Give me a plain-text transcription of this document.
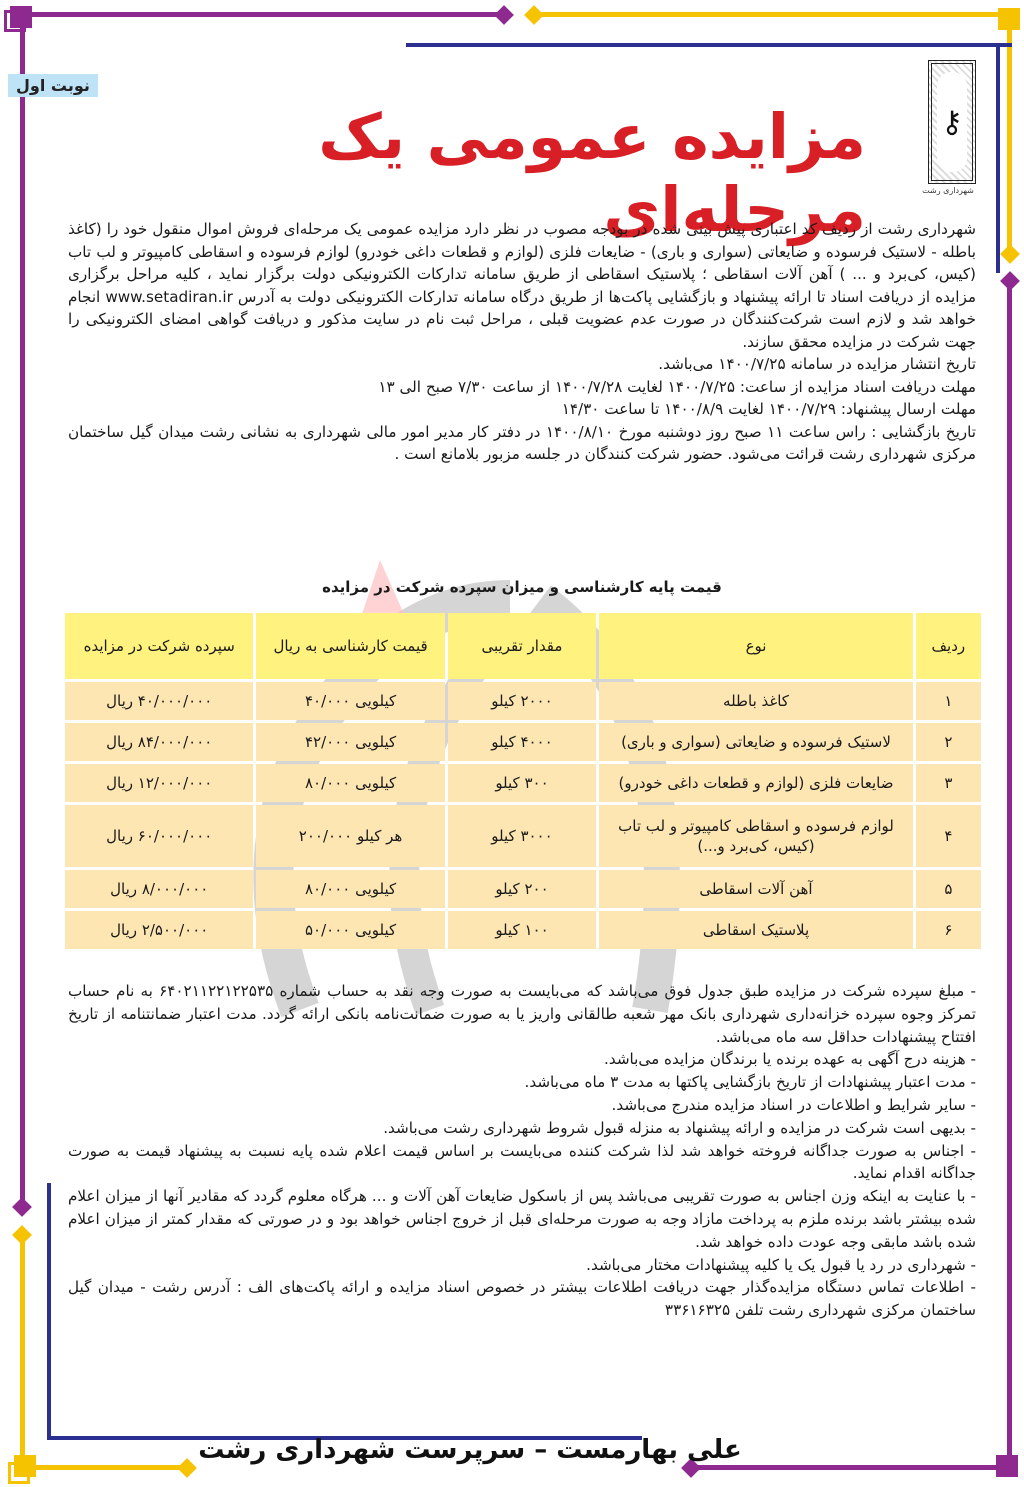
⚷
شهرداری رشت
نوبت اول
مزایده عمومی یک مرحله‌ای

شهرداری رشت از ردیف کد اعتباری پیش بینی شده در بودجه مصوب در نظر دارد مزایده عمومی یک مرحله‌ای فروش اموال منقول خود را (کاغذ باطله - لاستیک فرسوده و ضایعاتی (سواری و باری) - ضایعات فلزی (لوازم و قطعات داغی خودرو) لوازم فرسوده و اسقاطی کامپیوتر و لب تاب (کیس، کی‌برد و ... ) آهن آلات اسقاطی ؛ پلاستیک اسقاطی از طریق سامانه تدارکات الکترونیکی دولت برگزار نماید ، کلیه مراحل برگزاری مزایده از دریافت اسناد تا ارائه پیشنهاد و بازگشایی پاکت‌ها از طریق درگاه سامانه تدارکات الکترونیکی دولت به آدرس www.setadiran.ir انجام خواهد شد و لازم است شرکت‌کنندگان در صورت عدم عضویت قبلی ، مراحل ثبت نام در سایت مذکور و دریافت گواهی امضای الکترونیکی را جهت شرکت در مزایده محقق سازند.

تاریخ انتشار مزایده در سامانه ۱۴۰۰/۷/۲۵ می‌باشد.

مهلت دریافت اسناد مزایده از ساعت: ۱۴۰۰/۷/۲۵ لغایت ۱۴۰۰/۷/۲۸ از ساعت ۷/۳۰ صبح الی ۱۳

مهلت ارسال پیشنهاد: ۱۴۰۰/۷/۲۹ لغایت ۱۴۰۰/۸/۹ تا ساعت ۱۴/۳۰

تاریخ بازگشایی : راس ساعت ۱۱ صبح روز دوشنبه مورخ ۱۴۰۰/۸/۱۰ در دفتر کار مدیر امور مالی شهرداری به نشانی رشت میدان گیل ساختمان مرکزی شهرداری رشت قرائت می‌شود. حضور شرکت کنندگان در جلسه مزبور بلامانع است .

قیمت پایه کارشناسی و میزان سپرده شرکت در مزایده
ردیف	نوع	مقدار تقریبی	قیمت کارشناسی به ریال	سپرده شرکت در مزایده
۱	کاغذ باطله	۲۰۰۰ کیلو	کیلویی ۴۰/۰۰۰	۴۰/۰۰۰/۰۰۰ ریال
۲	لاستیک فرسوده و ضایعاتی (سواری و باری)	۴۰۰۰ کیلو	کیلویی ۴۲/۰۰۰	۸۴/۰۰۰/۰۰۰ ریال
۳	ضایعات فلزی (لوازم و قطعات داغی خودرو)	۳۰۰ کیلو	کیلویی ۸۰/۰۰۰	۱۲/۰۰۰/۰۰۰ ریال
۴	لوازم فرسوده و اسقاطی کامپیوتر و لب تاب (کیس، کی‌برد و...)	۳۰۰۰ کیلو	هر کیلو ۲۰۰/۰۰۰	۶۰/۰۰۰/۰۰۰ ریال
۵	آهن آلات اسقاطی	۲۰۰ کیلو	کیلویی ۸۰/۰۰۰	۸/۰۰۰/۰۰۰ ریال
۶	پلاستیک اسقاطی	۱۰۰ کیلو	کیلویی ۵۰/۰۰۰	۲/۵۰۰/۰۰۰ ریال

- مبلغ سپرده شرکت در مزایده طبق جدول فوق می‌باشد که می‌بایست به صورت وجه نقد به حساب شماره ۶۴۰۲۱۱۲۲۱۲۲۵۳۵ به نام حساب تمرکز وجوه سپرده خزانه‌داری شهرداری بانک مهر شعبه طالقانی واریز یا به صورت ضمانت‌نامه بانکی ارائه گردد. مدت اعتبار ضمانتنامه از تاریخ افتتاح پیشنهادات حداقل سه ماه می‌باشد.

- هزینه درج آگهی به عهده برنده یا برندگان مزایده می‌باشد.

- مدت اعتبار پیشنهادات از تاریخ بازگشایی پاکتها به مدت ۳ ماه می‌باشد.

- سایر شرایط و اطلاعات در اسناد مزایده مندرج می‌باشد.

- بدیهی است شرکت در مزایده و ارائه پیشنهاد به منزله قبول شروط شهرداری رشت می‌باشد.

- اجناس به صورت جداگانه فروخته خواهد شد لذا شرکت کننده می‌بایست بر اساس قیمت اعلام شده پایه نسبت به پیشنهاد قیمت به صورت جداگانه اقدام نماید.

- با عنایت به اینکه وزن اجناس به صورت تقریبی می‌باشد پس از باسکول ضایعات آهن آلات و ... هرگاه معلوم گردد که مقادیر آنها از میزان اعلام شده بیشتر باشد برنده ملزم به پرداخت مازاد وجه به صورت مرحله‌ای قبل از خروج اجناس خواهد بود و در صورتی که مقدار کمتر از میزان اعلام شده باشد مابقی وجه عودت داده خواهد شد.

- شهرداری در رد یا قبول یک یا کلیه پیشنهادات مختار می‌باشد.

- اطلاعات تماس دستگاه مزایده‌گذار جهت دریافت اطلاعات بیشتر در خصوص اسناد مزایده و ارائه پاکت‌های الف : آدرس رشت - میدان گیل ساختمان مرکزی شهرداری رشت تلفن ۳۳۶۱۶۳۲۵

علی بهارمست – سرپرست شهرداری رشت
